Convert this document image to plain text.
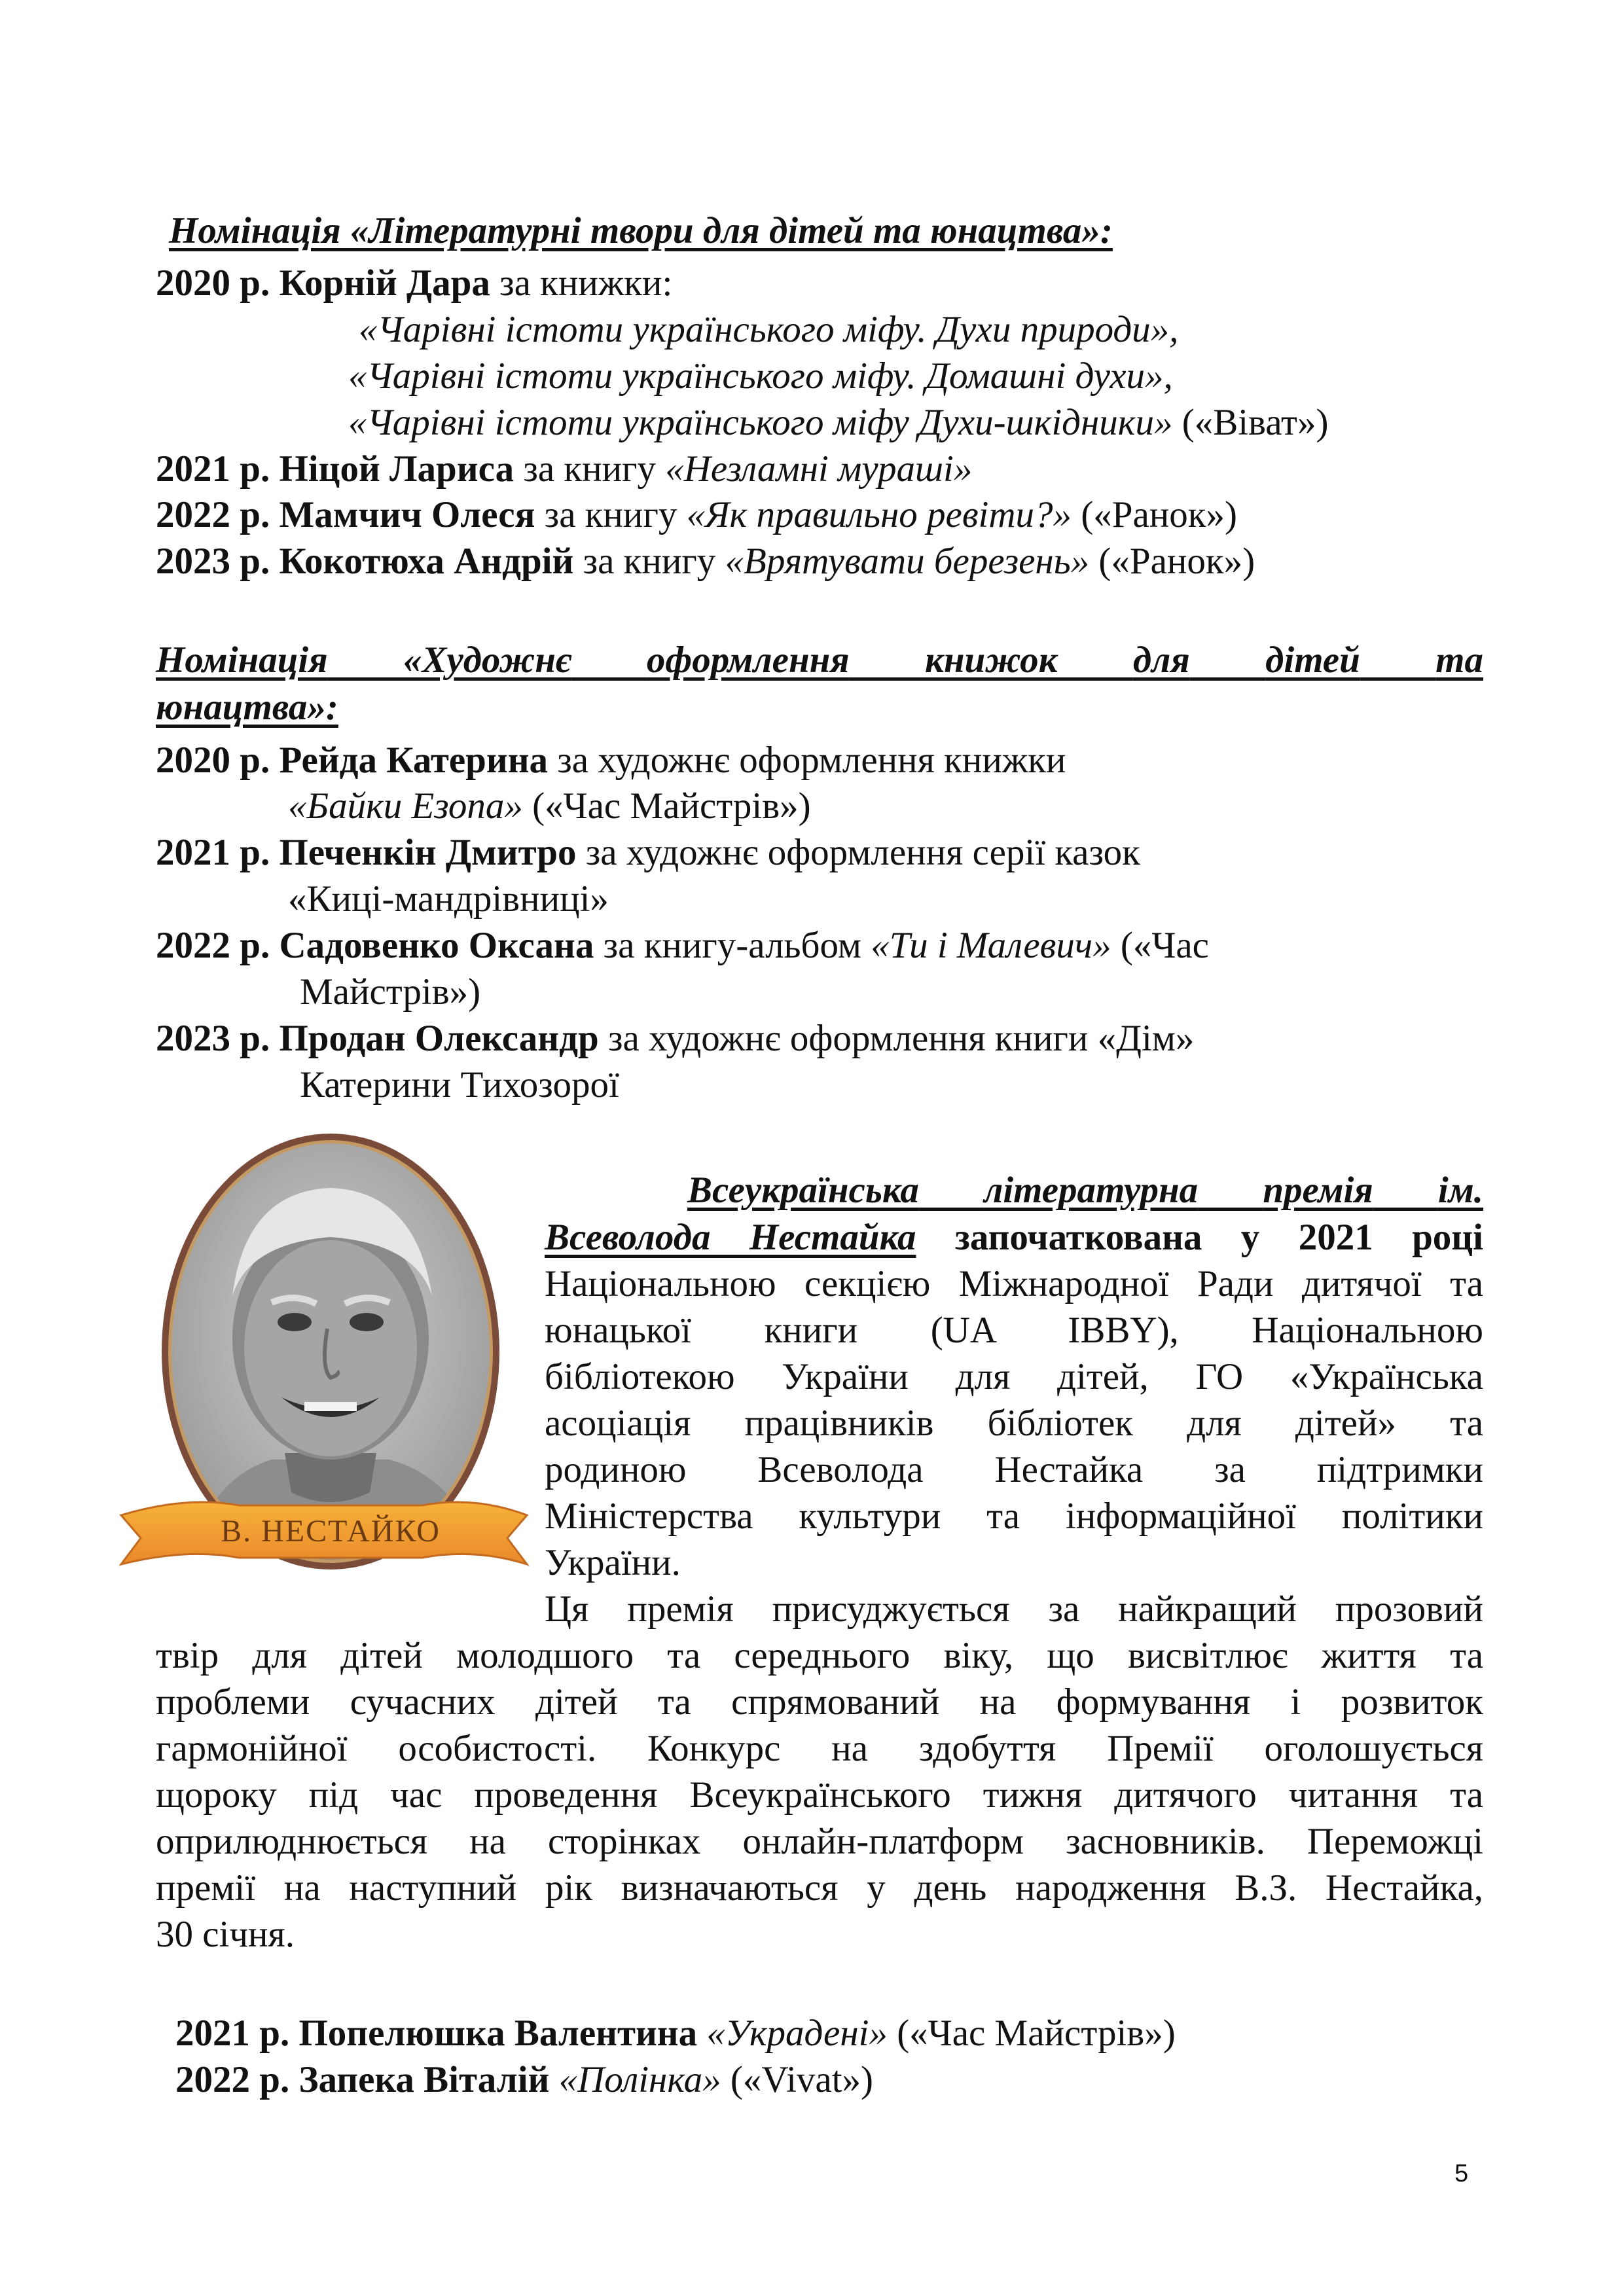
Номінація «Літературні твори для дітей та юнацтва»:
2020 р. Корній Дара за книжки:
«Чарівні істоти українського міфу. Духи природи»,
«Чарівні істоти українського міфу. Домашні духи»,
«Чарівні істоти українського міфу Духи-шкідники» («Віват»)
2021 р. Ніцой Лариса за книгу «Незламні мураші»
2022 р. Мамчич Олеся за книгу «Як правильно ревіти?» («Ранок»)
2023 р. Кокотюха Андрій за книгу «Врятувати березень» («Ранок»)
Номінація «Художнє оформлення книжок для дітей та
юнацтва»:
2020 р. Рейда Катерина за художнє оформлення книжки
«Байки Езопа» («Час Майстрів»)
2021 р. Печенкін Дмитро за художнє оформлення серії казок
«Киці-мандрівниці»
2022 р. Садовенко Оксана за книгу-альбом «Ти і Малевич» («Час
Майстрів»)
2023 р. Продан Олександр за художнє оформлення книги «Дім»
Катерини Тихозорої
В. НЕСТАЙКО
Всеукраїнська літературна премія ім.
Всеволода Нестайка започаткована у 2021 році
Національною секцією Міжнародної Ради дитячої та
юнацької книги (UA IBBY), Національною
бібліотекою України для дітей, ГО «Українська
асоціація працівників бібліотек для дітей» та
родиною Всеволода Нестайка за підтримки
Міністерства культури та інформаційної політики
України.
Ця премія присуджується за найкращий прозовий
твір для дітей молодшого та середнього віку, що висвітлює життя та
проблеми сучасних дітей та спрямований на формування і розвиток
гармонійної особистості. Конкурс на здобуття Премії оголошується
щороку під час проведення Всеукраїнського тижня дитячого читання та
оприлюднюється на сторінках онлайн-платформ засновників. Переможці
премії на наступний рік визначаються у день народження В.З. Нестайка,
30 січня.
2021 р. Попелюшка Валентина «Украдені» («Час Майстрів»)
2022 р. Запека Віталій «Полінка» («Vivat»)
5
